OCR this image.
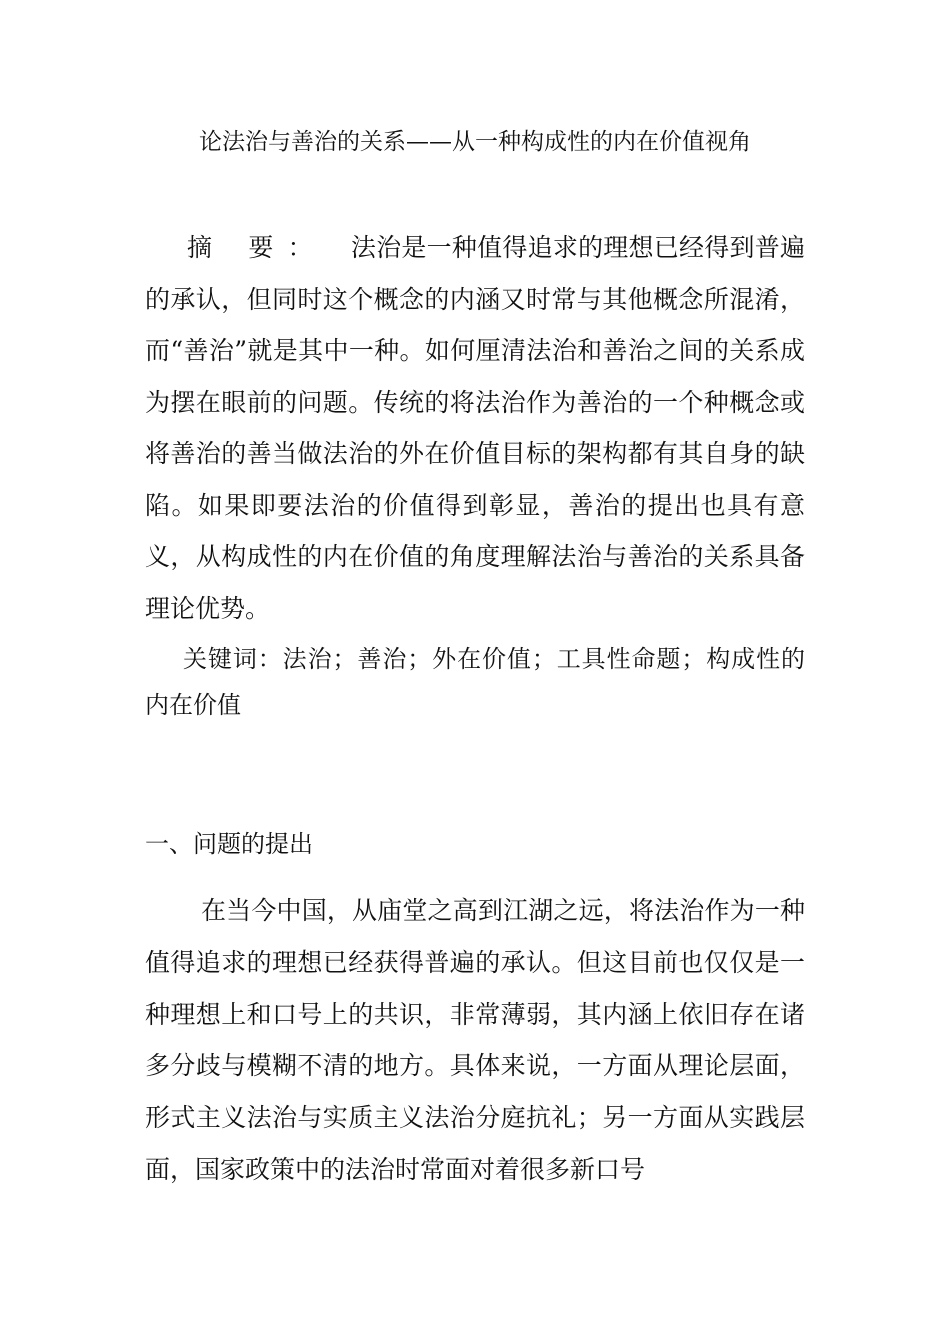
论法治与善治的关系——从一种构成性的内在价值视角
摘 要： 法治是一种值得追求的理想已经得到普遍的承认，但同时这个概念的内涵又时常与其他概念所混淆，而“善治”就是其中一种。如何厘清法治和善治之间的关系成为摆在眼前的问题。传统的将法治作为善治的一个种概念或将善治的善当做法治的外在价值目标的架构都有其自身的缺陷。如果即要法治的价值得到彰显，善治的提出也具有意义，从构成性的内在价值的角度理解法治与善治的关系具备理论优势。
关键词：法治；善治；外在价值；工具性命题；构成性的内在价值
一、问题的提出
在当今中国，从庙堂之高到江湖之远，将法治作为一种值得追求的理想已经获得普遍的承认。但这目前也仅仅是一种理想上和口号上的共识，非常薄弱，其内涵上依旧存在诸多分歧与模糊不清的地方。具体来说，一方面从理论层面，形式主义法治与实质主义法治分庭抗礼；另一方面从实践层面，国家政策中的法治时常面对着很多新口号
